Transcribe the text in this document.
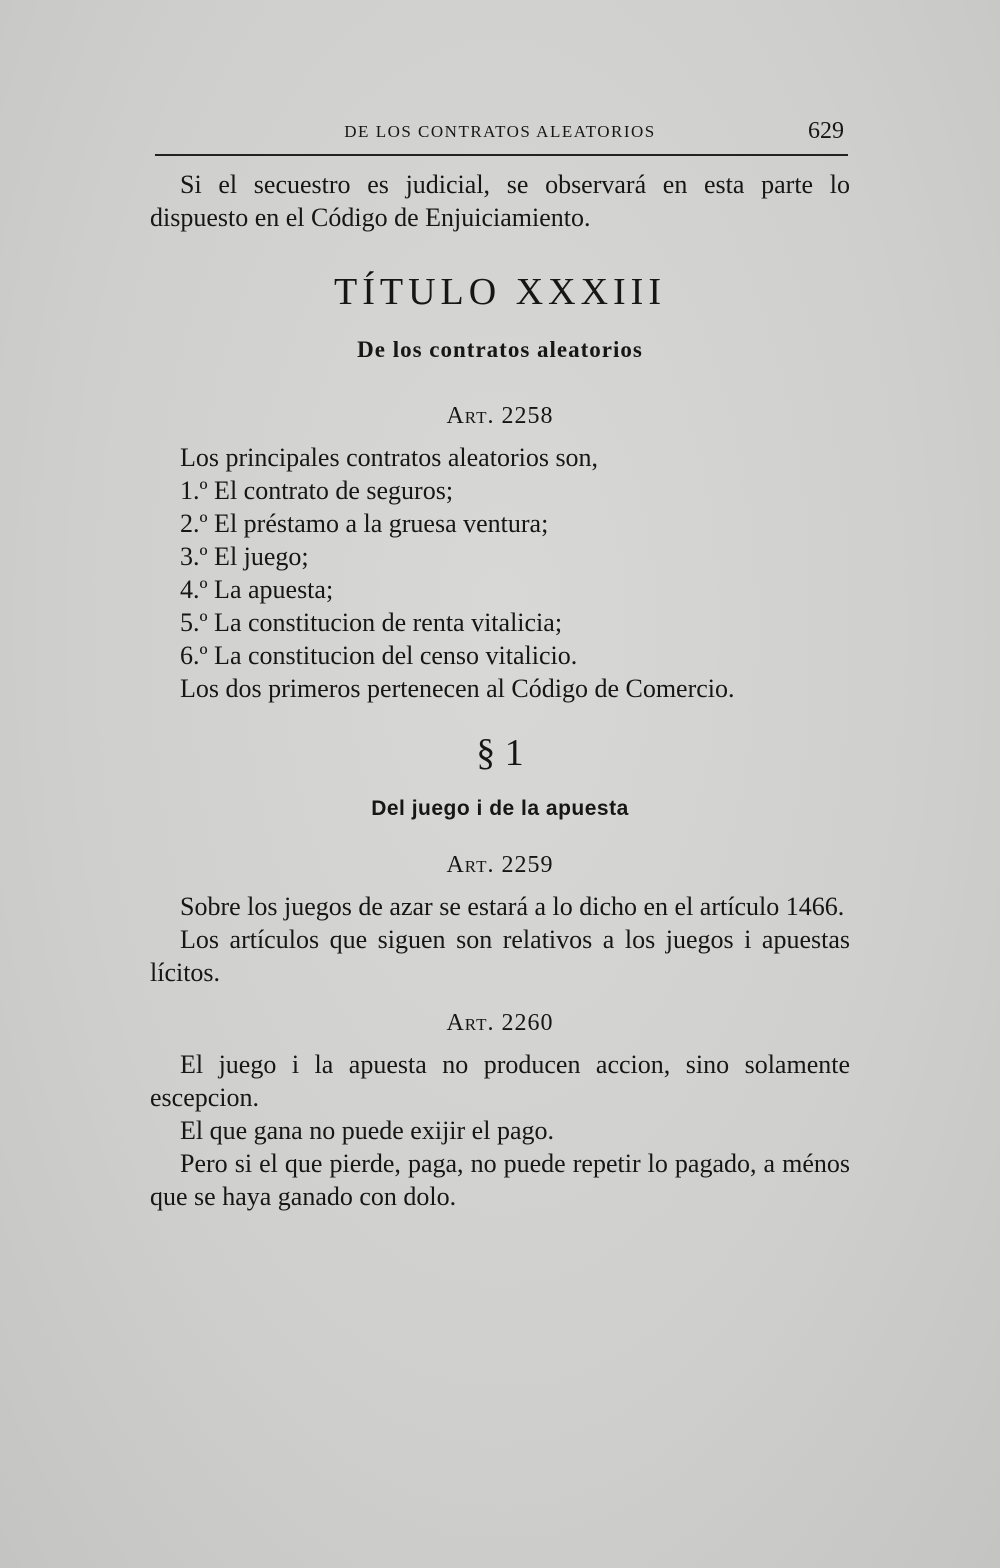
DE LOS CONTRATOS ALEATORIOS	629

Si el secuestro es judicial, se observará en esta parte lo dispuesto en el Código de Enjuiciamiento.

TÍTULO XXXIII
De los contratos aleatorios
Art. 2258

Los principales contratos aleatorios son,

1.º El contrato de seguros;
2.º El préstamo a la gruesa ventura;
3.º El juego;
4.º La apuesta;
5.º La constitucion de renta vitalicia;
6.º La constitucion del censo vitalicio.

Los dos primeros pertenecen al Código de Comercio.

§ 1
Del juego i de la apuesta
Art. 2259

Sobre los juegos de azar se estará a lo dicho en el artículo 1466.

Los artículos que siguen son relativos a los juegos i apuestas lícitos.

Art. 2260

El juego i la apuesta no producen accion, sino solamente escepcion.

El que gana no puede exijir el pago.

Pero si el que pierde, paga, no puede repetir lo pagado, a ménos que se haya ganado con dolo.
